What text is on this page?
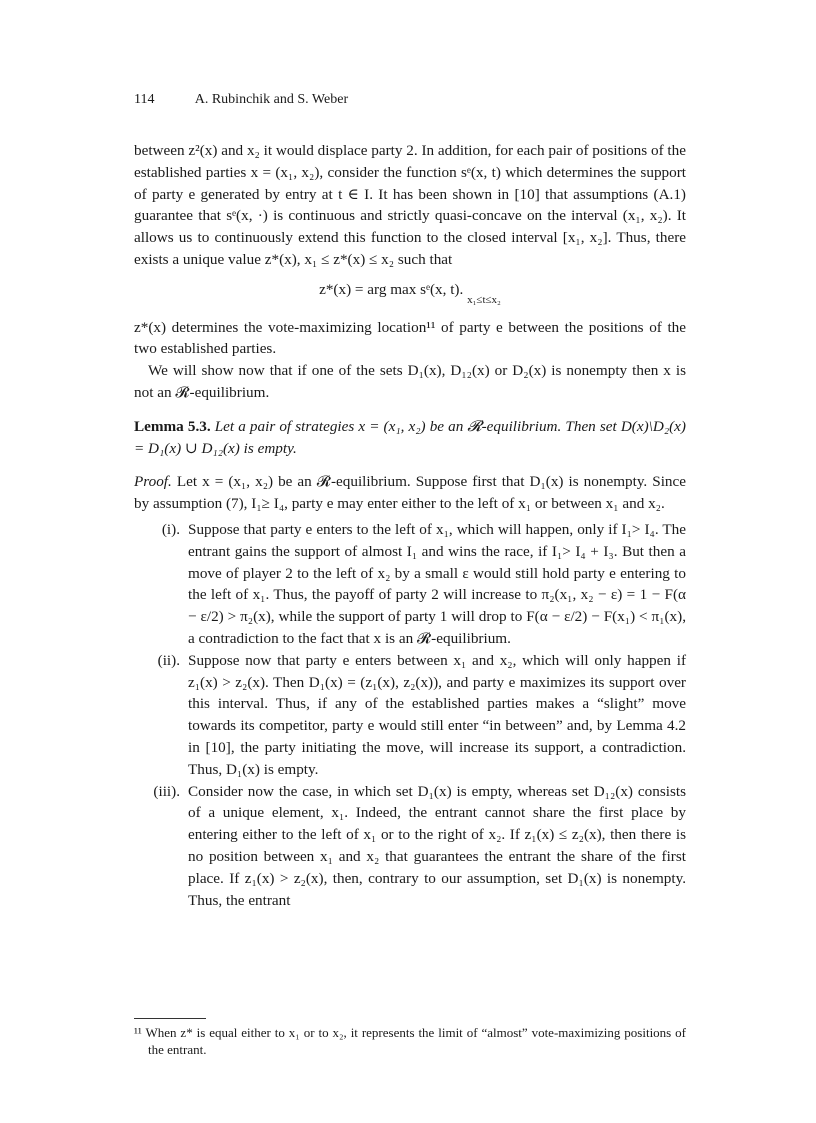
114	A. Rubinchik and S. Weber

between z²(x) and x₂ it would displace party 2. In addition, for each pair of positions of the established parties x = (x₁, x₂), consider the function sᵉ(x, t) which determines the support of party e generated by entry at t ∈ I. It has been shown in [10] that assumptions (A.1) guarantee that sᵉ(x, ·) is continuous and strictly quasi-concave on the interval (x₁, x₂). It allows us to continuously extend this function to the closed interval [x₁, x₂]. Thus, there exists a unique value z*(x), x₁ ≤ z*(x) ≤ x₂ such that

z*(x) = arg max sᵉ(x, t). $_{x_1\le t\le x_2}$

z*(x) determines the vote-maximizing location¹¹ of party e between the positions of the two established parties.

We will show now that if one of the sets D₁(x), D₁₂(x) or D₂(x) is nonempty then x is not an 𝓡-equilibrium.

Lemma 5.3. Let a pair of strategies x = (x₁, x₂) be an 𝓡-equilibrium. Then set D(x)\D₂(x) = D₁(x) ∪ D₁₂(x) is empty.

Proof. Let x = (x₁, x₂) be an 𝓡-equilibrium. Suppose first that D₁(x) is nonempty. Since by assumption (7), I₁≥ I₄, party e may enter either to the left of x₁ or between x₁ and x₂.

(i). Suppose that party e enters to the left of x₁, which will happen, only if I₁> I₄. The entrant gains the support of almost I₁ and wins the race, if I₁> I₄ + I₃. But then a move of player 2 to the left of x₂ by a small ε would still hold party e entering to the left of x₁. Thus, the payoff of party 2 will increase to π₂(x₁, x₂ − ε) = 1 − F(α − ε/2) > π₂(x), while the support of party 1 will drop to F(α − ε/2) − F(x₁) < π₁(x), a contradiction to the fact that x is an 𝓡-equilibrium.
(ii). Suppose now that party e enters between x₁ and x₂, which will only happen if z₁(x) > z₂(x). Then D₁(x) = (z₁(x), z₂(x)), and party e maximizes its support over this interval. Thus, if any of the established parties makes a “slight” move towards its competitor, party e would still enter “in between” and, by Lemma 4.2 in [10], the party initiating the move, will increase its support, a contradiction. Thus, D₁(x) is empty.
(iii). Consider now the case, in which set D₁(x) is empty, whereas set D₁₂(x) consists of a unique element, x₁. Indeed, the entrant cannot share the first place by entering either to the left of x₁ or to the right of x₂. If z₁(x) ≤ z₂(x), then there is no position between x₁ and x₂ that guarantees the entrant the share of the first place. If z₁(x) > z₂(x), then, contrary to our assumption, set D₁(x) is nonempty. Thus, the entrant
¹¹ When z* is equal either to x₁ or to x₂, it represents the limit of “almost” vote-maximizing positions of the entrant.
